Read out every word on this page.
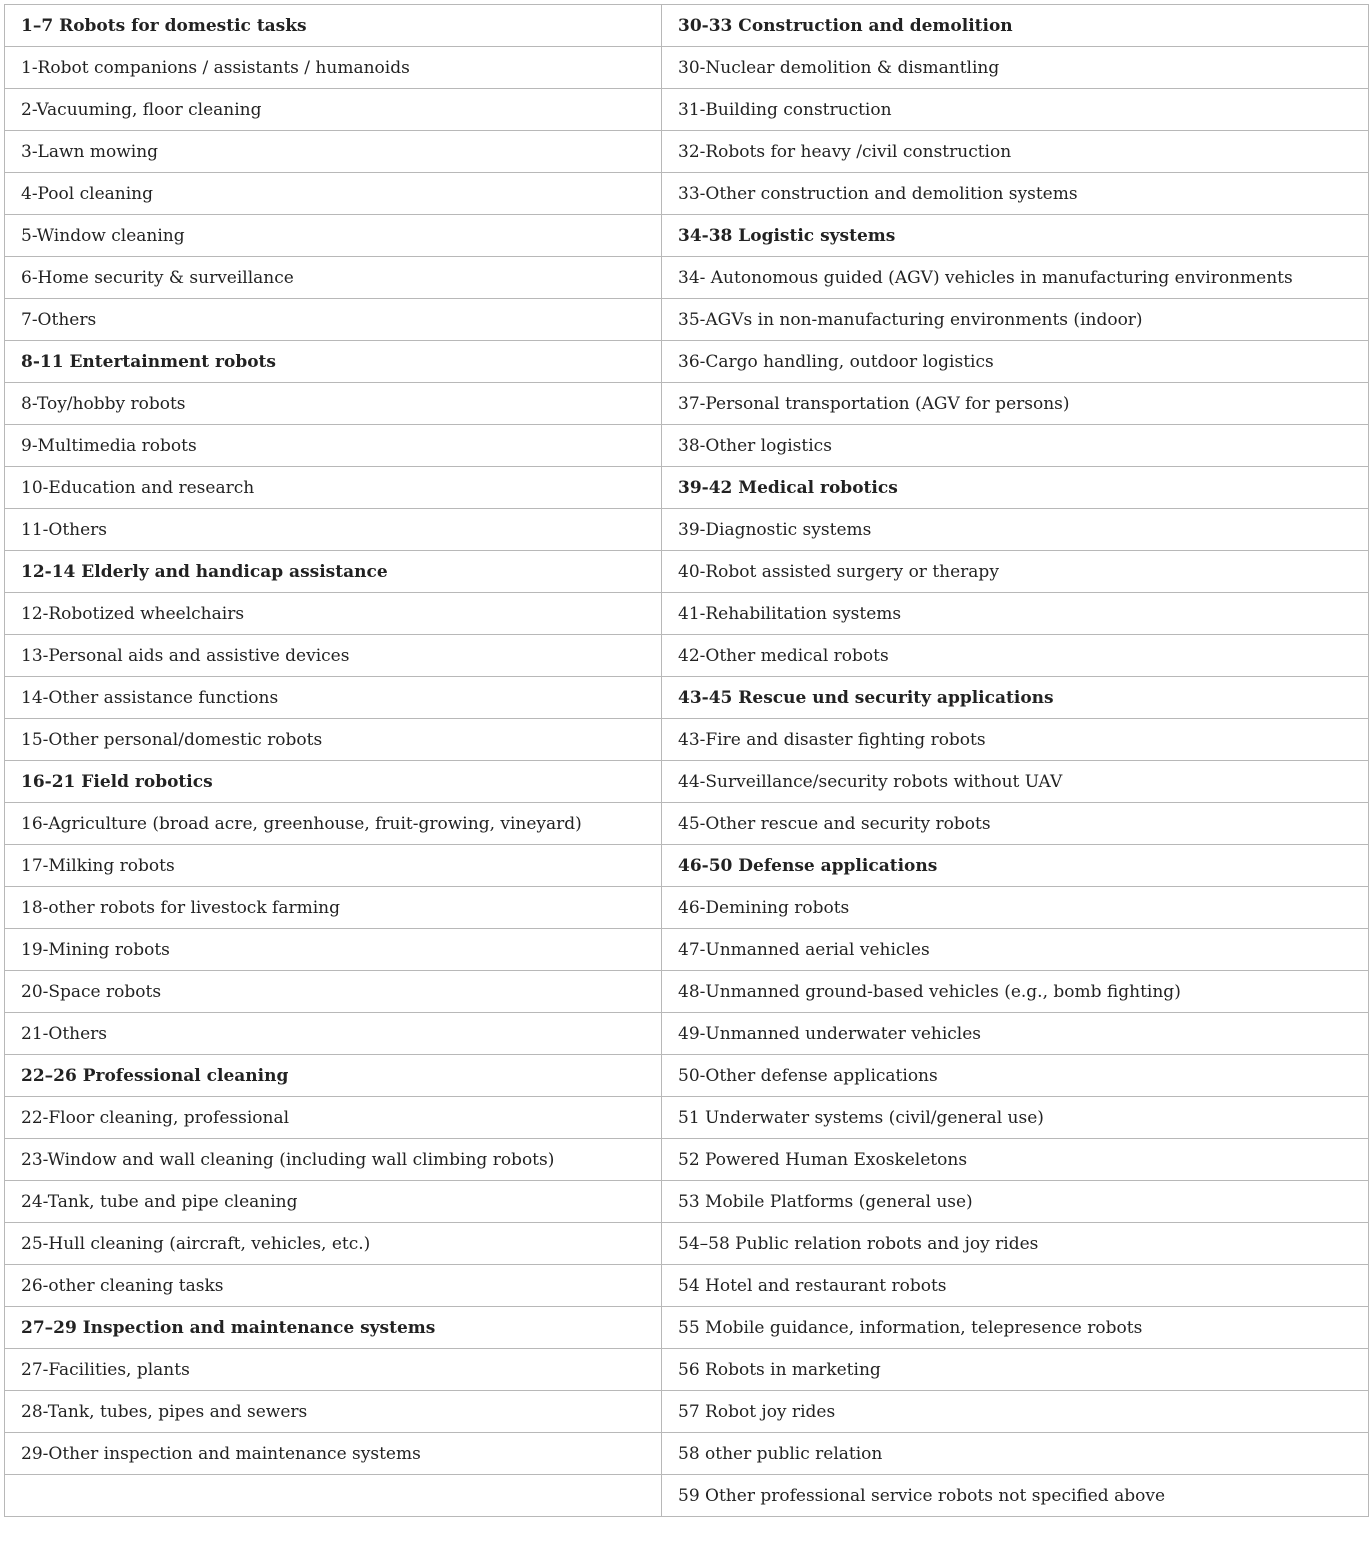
1–7 Robots for domestic tasks	30-33 Construction and demolition
1-Robot companions / assistants / humanoids	30-Nuclear demolition & dismantling
2-Vacuuming, floor cleaning	31-Building construction
3-Lawn mowing	32-Robots for heavy /civil construction
4-Pool cleaning	33-Other construction and demolition systems
5-Window cleaning	34-38 Logistic systems
6-Home security & surveillance	34- Autonomous guided (AGV) vehicles in manufacturing environments
7-Others	35-AGVs in non-manufacturing environments (indoor)
8-11 Entertainment robots	36-Cargo handling, outdoor logistics
8-Toy/hobby robots	37-Personal transportation (AGV for persons)
9-Multimedia robots	38-Other logistics
10-Education and research	39-42 Medical robotics
11-Others	39-Diagnostic systems
12-14 Elderly and handicap assistance	40-Robot assisted surgery or therapy
12-Robotized wheelchairs	41-Rehabilitation systems
13-Personal aids and assistive devices	42-Other medical robots
14-Other assistance functions	43-45 Rescue und security applications
15-Other personal/domestic robots	43-Fire and disaster fighting robots
16-21 Field robotics	44-Surveillance/security robots without UAV
16-Agriculture (broad acre, greenhouse, fruit-growing, vineyard)	45-Other rescue and security robots
17-Milking robots	46-50 Defense applications
18-other robots for livestock farming	46-Demining robots
19-Mining robots	47-Unmanned aerial vehicles
20-Space robots	48-Unmanned ground-based vehicles (e.g., bomb fighting)
21-Others	49-Unmanned underwater vehicles
22–26 Professional cleaning	50-Other defense applications
22-Floor cleaning, professional	51 Underwater systems (civil/general use)
23-Window and wall cleaning (including wall climbing robots)	52 Powered Human Exoskeletons
24-Tank, tube and pipe cleaning	53 Mobile Platforms (general use)
25-Hull cleaning (aircraft, vehicles, etc.)	54–58 Public relation robots and joy rides
26-other cleaning tasks	54 Hotel and restaurant robots
27–29 Inspection and maintenance systems	55 Mobile guidance, information, telepresence robots
27-Facilities, plants	56 Robots in marketing
28-Tank, tubes, pipes and sewers	57 Robot joy rides
29-Other inspection and maintenance systems	58 other public relation
	59 Other professional service robots not specified above
